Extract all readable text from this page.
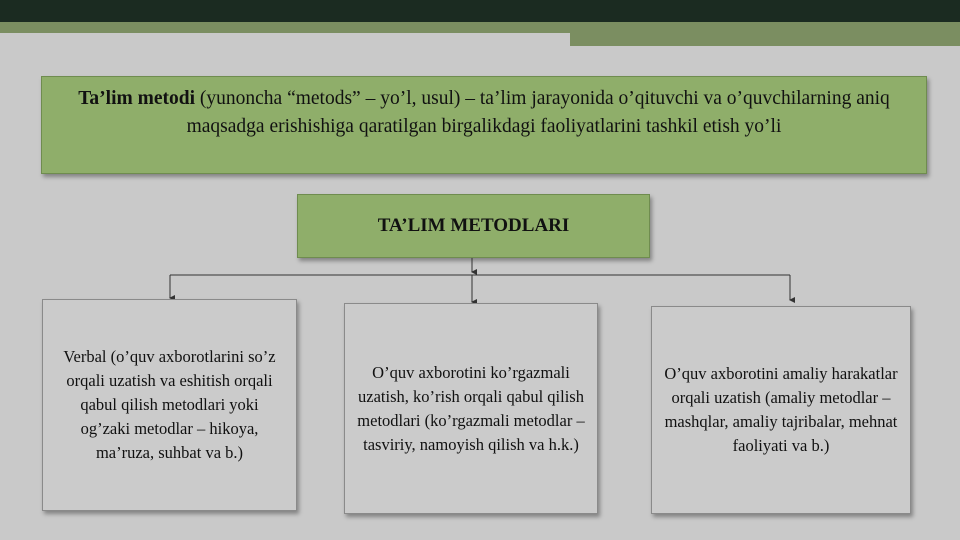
Ta’lim metodi (yunoncha “metods” – yo’l, usul) – ta’lim jarayonida o’qituvchi va o’quvchilarning aniq maqsadga erishishiga qaratilgan birgalikdagi faoliyatlarini tashkil etish yo’li
TA’LIM METODLARI
Verbal (o’quv axborotlarini so’z orqali uzatish va eshitish orqali qabul qilish metodlari yoki og’zaki metodlar – hikoya, ma’ruza, suhbat va b.)
O’quv axborotini ko’rgazmali uzatish, ko’rish orqali qabul qilish metodlari (ko’rgazmali metodlar – tasviriy, namoyish qilish va h.k.)
O’quv axborotini amaliy harakatlar orqali uzatish (amaliy metodlar – mashqlar, amaliy tajribalar, mehnat faoliyati va b.)
